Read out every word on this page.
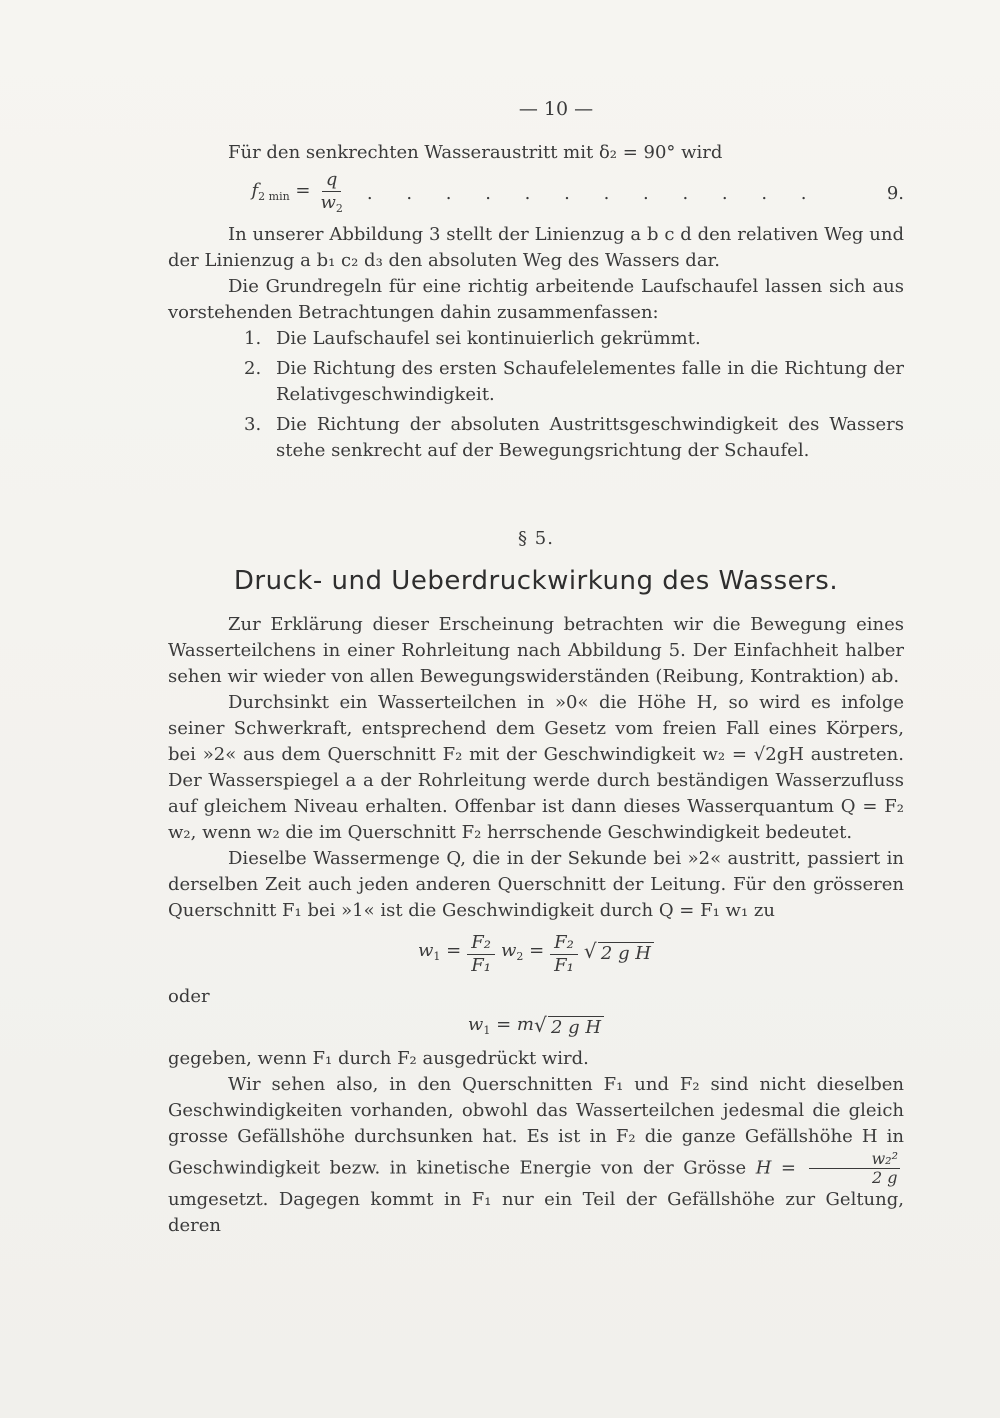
— 10 —

Für den senkrechten Wasseraustritt mit δ₂ = 90° wird

$f_{2 min} = \frac{q}{w_2}$ . . . . . . . . . . . .	9.

In unserer Abbildung 3 stellt der Linienzug a b c d den relativen Weg und der Linienzug a b₁ c₂ d₃ den absoluten Weg des Wassers dar.

Die Grundregeln für eine richtig arbeitende Laufschaufel lassen sich aus vorstehenden Betrachtungen dahin zusammenfassen:

1. Die Laufschaufel sei kontinuierlich gekrümmt.
2. Die Richtung des ersten Schaufelelementes falle in die Richtung der Relativgeschwindigkeit.
3. Die Richtung der absoluten Austrittsgeschwindigkeit des Wassers stehe senkrecht auf der Bewegungsrichtung der Schaufel.
§ 5.
Druck- und Ueberdruckwirkung des Wassers.

Zur Erklärung dieser Erscheinung betrachten wir die Bewegung eines Wasserteilchens in einer Rohrleitung nach Abbildung 5. Der Einfachheit halber sehen wir wieder von allen Bewegungswiderständen (Reibung, Kontraktion) ab.

Durchsinkt ein Wasserteilchen in »0« die Höhe H, so wird es infolge seiner Schwerkraft, entsprechend dem Gesetz vom freien Fall eines Körpers, bei »2« aus dem Querschnitt F₂ mit der Geschwindigkeit w₂ = √2gH austreten. Der Wasserspiegel a a der Rohrleitung werde durch beständigen Wasserzufluss auf gleichem Niveau erhalten. Offenbar ist dann dieses Wasserquantum Q = F₂ w₂, wenn w₂ die im Querschnitt F₂ herrschende Geschwindigkeit bedeutet.

Dieselbe Wassermenge Q, die in der Sekunde bei »2« austritt, passiert in derselben Zeit auch jeden anderen Querschnitt der Leitung. Für den grösseren Querschnitt F₁ bei »1« ist die Geschwindigkeit durch Q = F₁ w₁ zu

$w_1 = \frac{\text{F₂}}{\text{F₁}} w_2 = \frac{\text{F₂}}{\text{F₁}}$	√ 2 g H

oder

$w_1 = m$ √ 2 g H

gegeben, wenn F₁ durch F₂ ausgedrückt wird.

Wir sehen also, in den Querschnitten F₁ und F₂ sind nicht dieselben Geschwindigkeiten vorhanden, obwohl das Wasserteilchen jedesmal die gleich grosse Gefällshöhe durchsunken hat. Es ist in F₂ die ganze Gefällshöhe H in Geschwindigkeit bezw. in kinetische Energie von der Grösse $H = \frac{\text{w₂²}}{2 g}$
umgesetzt. Dagegen kommt in F₁ nur ein Teil der Gefällshöhe zur Geltung, deren
